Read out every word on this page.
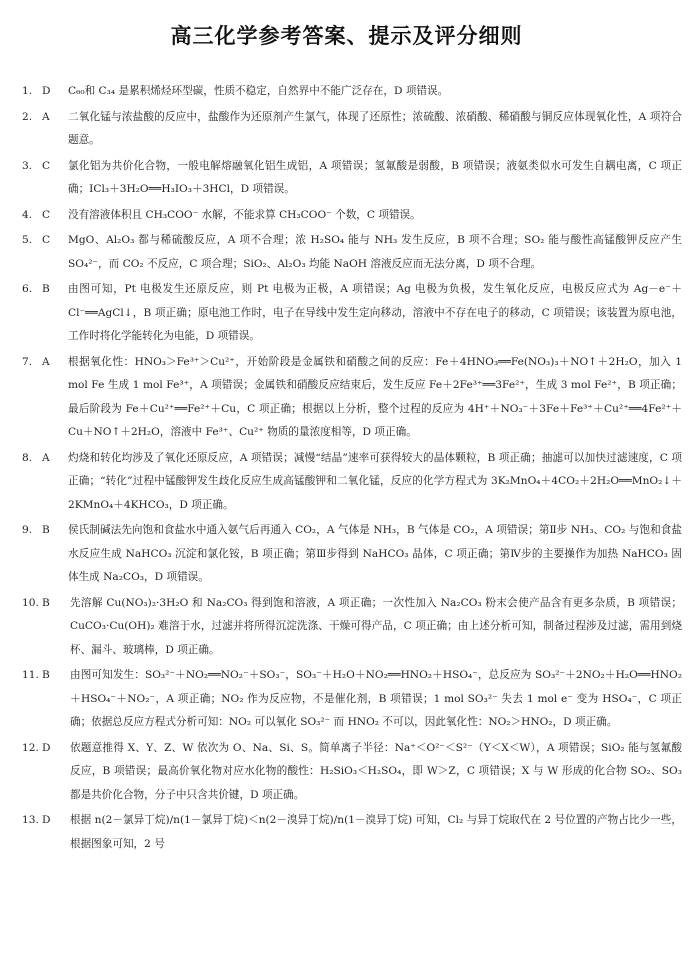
高三化学参考答案、提示及评分细则
1. D C₆₀和 C₃₄ 是累积烯烃环型碳，性质不稳定，自然界中不能广泛存在，D 项错误。
2. A 二氧化锰与浓盐酸的反应中，盐酸作为还原剂产生氯气，体现了还原性；浓硫酸、浓硝酸、稀硝酸与铜反应体现氧化性，A 项符合题意。
3. C 氯化铝为共价化合物，一般电解熔融氧化铝生成铝，A 项错误；氢氟酸是弱酸，B 项错误；液氨类似水可发生自耦电离，C 项正确；ICl₃＋3H₂O══H₃IO₃＋3HCl，D 项错误。
4. C 没有溶液体积且 CH₃COO⁻ 水解，不能求算 CH₃COO⁻ 个数，C 项错误。
5. C MgO、Al₂O₃ 都与稀硫酸反应，A 项不合理；浓 H₂SO₄ 能与 NH₃ 发生反应，B 项不合理；SO₂ 能与酸性高锰酸钾反应产生 SO₄²⁻，而 CO₂ 不反应，C 项合理；SiO₂、Al₂O₃ 均能 NaOH 溶液反应而无法分离，D 项不合理。
6. B 由图可知，Pt 电极发生还原反应，则 Pt 电极为正极，A 项错误；Ag 电极为负极，发生氧化反应，电极反应式为 Ag－e⁻＋Cl⁻══AgCl↓，B 项正确；原电池工作时，电子在导线中发生定向移动，溶液中不存在电子的移动，C 项错误；该装置为原电池，工作时将化学能转化为电能，D 项错误。
7. A 根据氧化性：HNO₃＞Fe³⁺＞Cu²⁺，开始阶段是金属铁和硝酸之间的反应：Fe＋4HNO₃══Fe(NO₃)₃＋NO↑＋2H₂O，加入 1 mol Fe 生成 1 mol Fe³⁺，A 项错误；金属铁和硝酸反应结束后，发生反应 Fe＋2Fe³⁺══3Fe²⁺，生成 3 mol Fe²⁺，B 项正确；最后阶段为 Fe＋Cu²⁺══Fe²⁺＋Cu，C 项正确；根据以上分析，整个过程的反应为 4H⁺＋NO₃⁻＋3Fe＋Fe³⁺＋Cu²⁺══4Fe²⁺＋Cu＋NO↑＋2H₂O，溶液中 Fe³⁺、Cu²⁺ 物质的量浓度相等，D 项正确。
8. A 灼烧和转化均涉及了氧化还原反应，A 项错误；减慢“结晶”速率可获得较大的晶体颗粒，B 项正确；抽滤可以加快过滤速度，C 项正确；“转化”过程中锰酸钾发生歧化反应生成高锰酸钾和二氧化锰，反应的化学方程式为 3K₂MnO₄＋4CO₂＋2H₂O══MnO₂↓＋2KMnO₄＋4KHCO₃，D 项正确。
9. B 侯氏制碱法先向饱和食盐水中通入氨气后再通入 CO₂，A 气体是 NH₃，B 气体是 CO₂，A 项错误；第Ⅱ步 NH₃、CO₂ 与饱和食盐水反应生成 NaHCO₃ 沉淀和氯化铵，B 项正确；第Ⅲ步得到 NaHCO₃ 晶体，C 项正确；第Ⅳ步的主要操作为加热 NaHCO₃ 固体生成 Na₂CO₃，D 项错误。
10. B 先溶解 Cu(NO₃)₂·3H₂O 和 Na₂CO₃ 得到饱和溶液，A 项正确；一次性加入 Na₂CO₃ 粉末会使产品含有更多杂质，B 项错误；CuCO₃·Cu(OH)₂ 难溶于水，过滤并将所得沉淀洗涤、干燥可得产品，C 项正确；由上述分析可知，制备过程涉及过滤，需用到烧杯、漏斗、玻璃棒，D 项正确。
11. B 由图可知发生：SO₃²⁻＋NO₂══NO₂⁻＋SO₃⁻，SO₃⁻＋H₂O＋NO₂══HNO₂＋HSO₄⁻，总反应为 SO₃²⁻＋2NO₂＋H₂O══HNO₂＋HSO₄⁻＋NO₂⁻，A 项正确；NO₂ 作为反应物，不是催化剂，B 项错误；1 mol SO₃²⁻ 失去 1 mol e⁻ 变为 HSO₄⁻，C 项正确；依据总反应方程式分析可知：NO₂ 可以氧化 SO₃²⁻ 而 HNO₂ 不可以，因此氧化性：NO₂＞HNO₂，D 项正确。
12. D 依题意推得 X、Y、Z、W 依次为 O、Na、Si、S。简单离子半径：Na⁺＜O²⁻＜S²⁻（Y＜X＜W），A 项错误；SiO₂ 能与氢氟酸反应，B 项错误；最高价氧化物对应水化物的酸性：H₂SiO₃＜H₂SO₄，即 W＞Z，C 项错误；X 与 W 形成的化合物 SO₂、SO₃ 都是共价化合物，分子中只含共价键，D 项正确。
13. D 根据 n(2－氯异丁烷)/n(1－氯异丁烷)＜n(2－溴异丁烷)/n(1－溴异丁烷) 可知，Cl₂ 与异丁烷取代在 2 号位置的产物占比少一些，根据图象可知，2 号
